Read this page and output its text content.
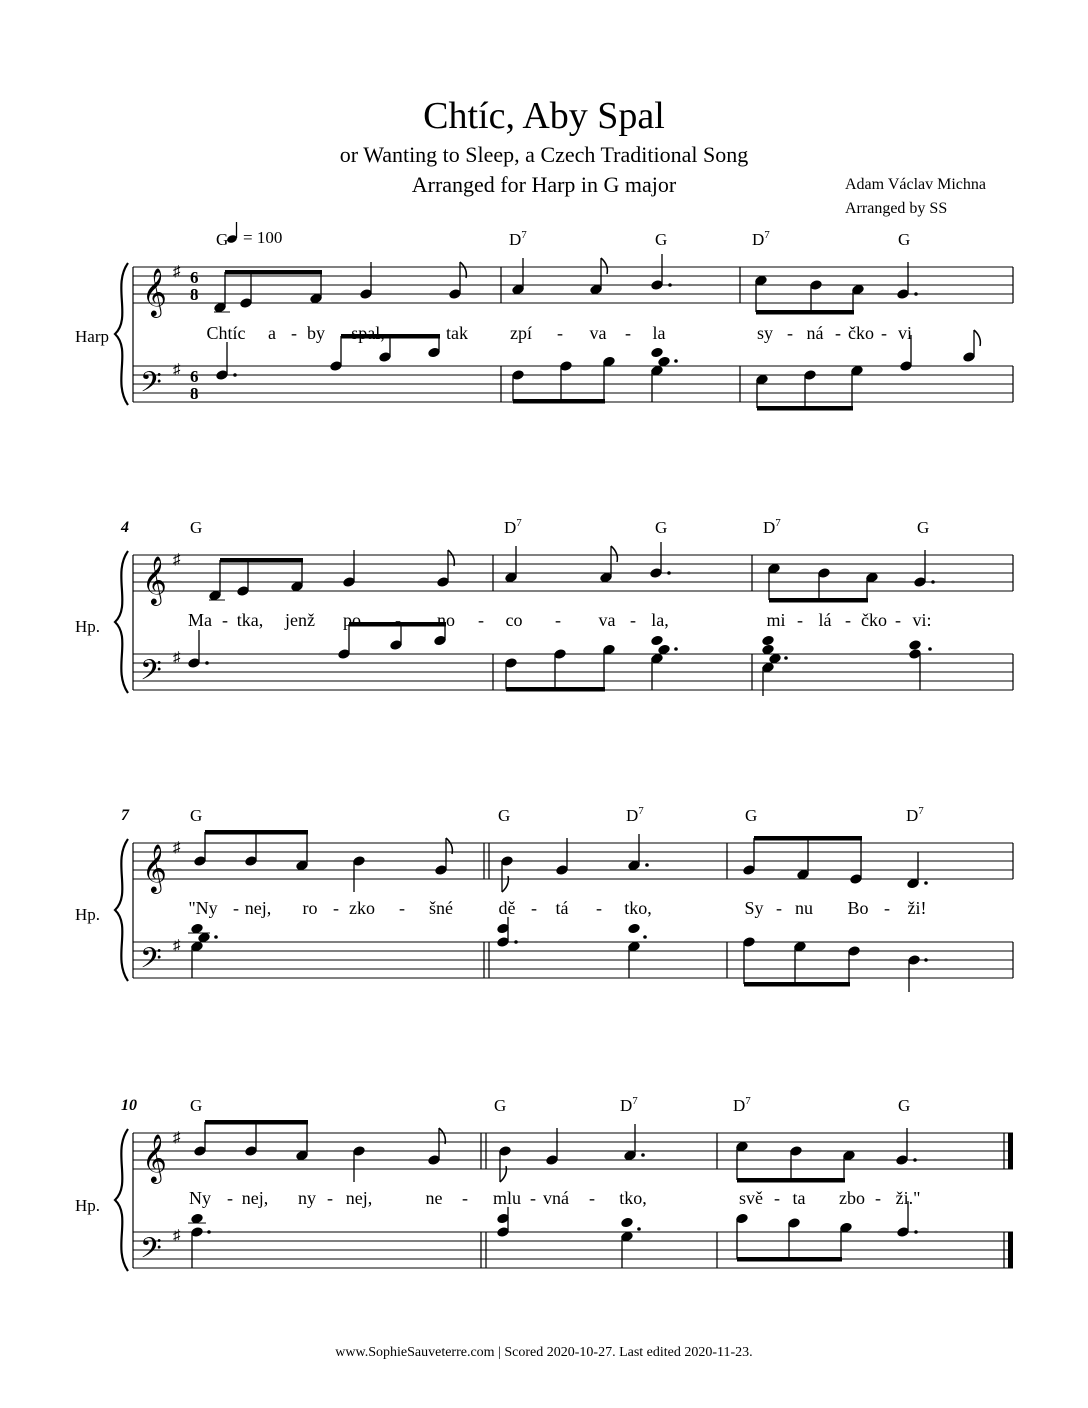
Chtíc, Aby Spal
or Wanting to Sleep, a Czech Traditional Song
Arranged for Harp in G major	Adam Václav Michna
Arranged by SS
= 100
Harp
𝄞
𝄢
♯
♯
6
8
6
8
G	$D^7$	G	$D^7$	G
Chtíc a - by spal,	tak zpí - va - la	sy - ná - čko - vi
4
Hp.
𝄞
𝄢
♯
♯
G	$D^7$	G	$D^7$	G
Ma - tka, jenž po - no - co - va - la,	mi - lá - čko - vi:
7
Hp.
𝄞
𝄢
♯
♯
G	G	$D^7$	G	$D^7$
"Ny - nej, ro - zko - šné	dě - tá - tko,	Sy - nu Bo - ži!
10
Hp.
𝄞
𝄢
♯
♯
G	G	$D^7$	$D^7$	G
Ny - nej, ny - nej,	ne - mlu - vná - tko,	svě - ta zbo - ži."
www.SophieSauveterre.com | Scored 2020-10-27. Last edited 2020-11-23.
